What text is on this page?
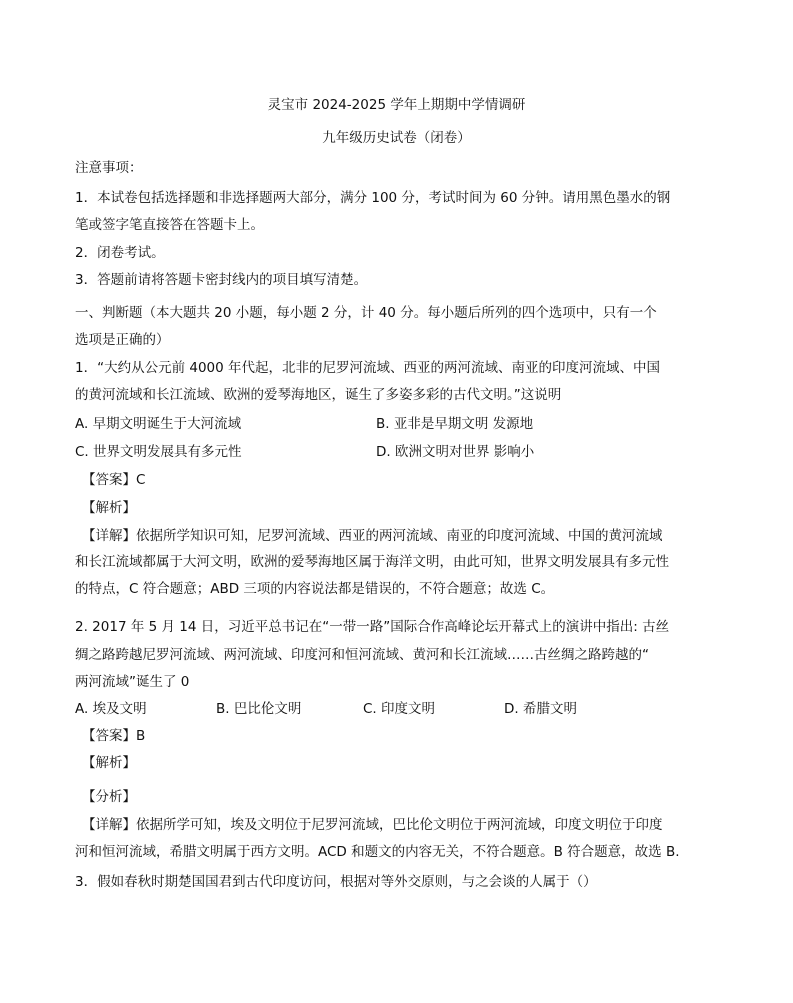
灵宝市 2024-2025 学年上期期中学情调研
九年级历史试卷（闭卷）
注意事项：
1．本试卷包括选择题和非选择题两大部分，满分 100 分，考试时间为 60 分钟。请用黑色墨水的钢
笔或签字笔直接答在答题卡上。
2．闭卷考试。
3．答题前请将答题卡密封线内的项目填写清楚。
一、判断题（本大题共 20 小题，每小题 2 分，计 40 分。每小题后所列的四个选项中，只有一个
选项是正确的）
1．“大约从公元前 4000 年代起，北非的尼罗河流域、西亚的两河流域、南亚的印度河流域、中国
的黄河流域和长江流域、欧洲的爱琴海地区，诞生了多姿多彩的古代文明。”这说明
A. 早期文明诞生于大河流域	B. 亚非是早期文明 发源地
C. 世界文明发展具有多元性	D. 欧洲文明对世界 影响小
【答案】C
【解析】
【详解】依据所学知识可知，尼罗河流域、西亚的两河流域、南亚的印度河流域、中国的黄河流域
和长江流域都属于大河文明，欧洲的爱琴海地区属于海洋文明，由此可知，世界文明发展具有多元性
的特点，C 符合题意；ABD 三项的内容说法都是错误的，不符合题意；故选 C。
2. 2017 年 5 月 14 日，习近平总书记在“一带一路”国际合作高峰论坛开幕式上的演讲中指出: 古丝
绸之路跨越尼罗河流域、两河流域、印度河和恒河流域、黄河和长江流域……古丝绸之路跨越的“
两河流域”诞生了 0
A. 埃及文明	B. 巴比伦文明	C. 印度文明	D. 希腊文明
【答案】B
【解析】
【分析】
【详解】依据所学可知，埃及文明位于尼罗河流域，巴比伦文明位于两河流域，印度文明位于印度
河和恒河流域，希腊文明属于西方文明。ACD 和题文的内容无关，不符合题意。B 符合题意，故选 B.
3．假如春秋时期楚国国君到古代印度访问，根据对等外交原则，与之会谈的人属于（）
